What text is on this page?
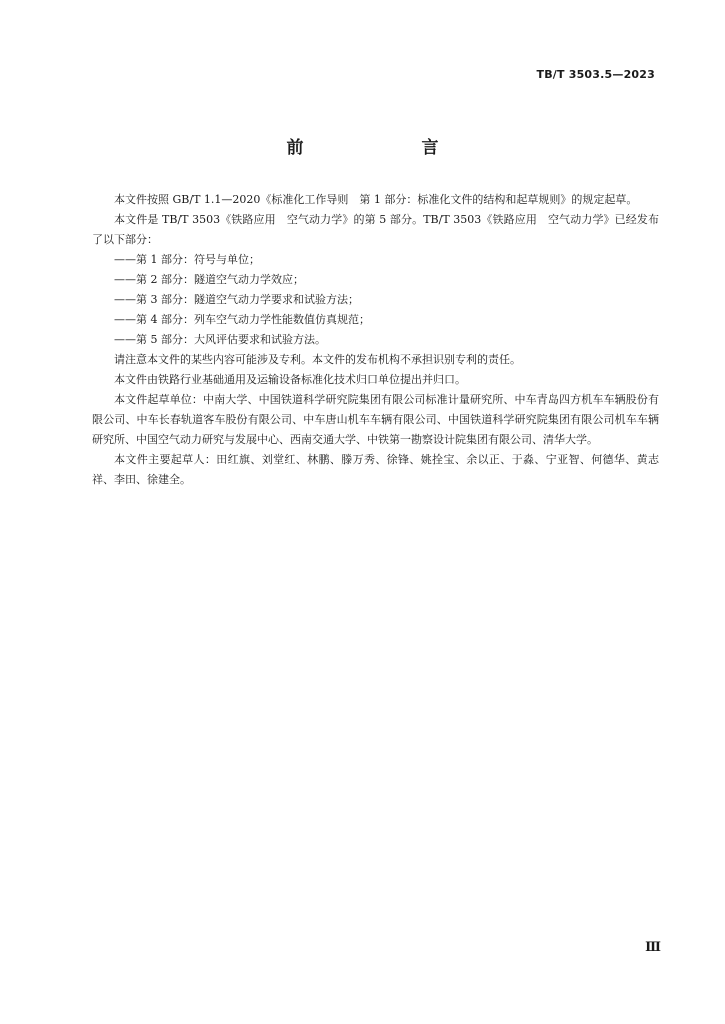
TB/T 3503.5—2023
前　　言

本文件按照 GB/T 1.1—2020《标准化工作导则　第 1 部分：标准化文件的结构和起草规则》的规定起草。

本文件是 TB/T 3503《铁路应用　空气动力学》的第 5 部分。TB/T 3503《铁路应用　空气动力学》已经发布了以下部分：

——第 1 部分：符号与单位；

——第 2 部分：隧道空气动力学效应；

——第 3 部分：隧道空气动力学要求和试验方法；

——第 4 部分：列车空气动力学性能数值仿真规范；

——第 5 部分：大风评估要求和试验方法。

请注意本文件的某些内容可能涉及专利。本文件的发布机构不承担识别专利的责任。

本文件由铁路行业基础通用及运输设备标准化技术归口单位提出并归口。

本文件起草单位：中南大学、中国铁道科学研究院集团有限公司标准计量研究所、中车青岛四方机车车辆股份有限公司、中车长春轨道客车股份有限公司、中车唐山机车车辆有限公司、中国铁道科学研究院集团有限公司机车车辆研究所、中国空气动力研究与发展中心、西南交通大学、中铁第一勘察设计院集团有限公司、清华大学。

本文件主要起草人：田红旗、刘堂红、林鹏、滕万秀、徐锋、姚拴宝、余以正、于淼、宁亚智、何德华、黄志祥、李田、徐建全。

Ⅲ
